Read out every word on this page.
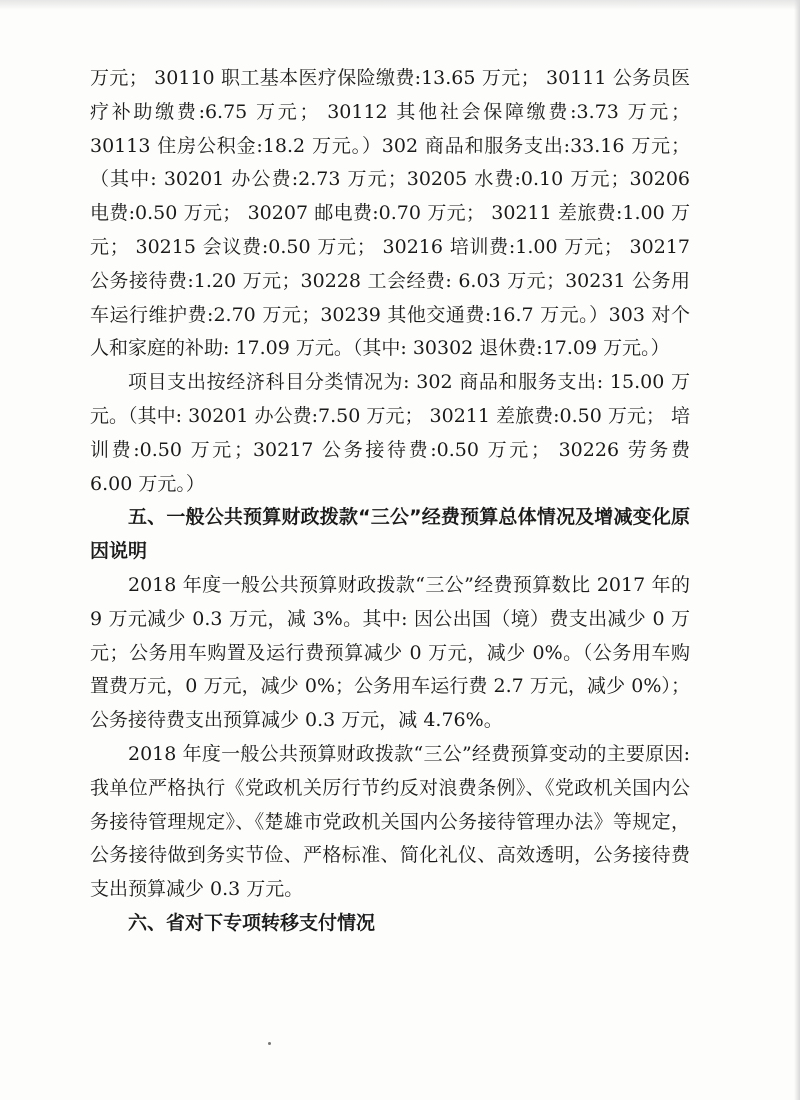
万元； 30110 职工基本医疗保险缴费:13.65 万元； 30111 公务员医疗补助缴费:6.75 万元； 30112 其他社会保障缴费:3.73 万元；30113 住房公积金:18.2 万元。）302 商品和服务支出:33.16 万元；（其中: 30201 办公费:2.73 万元；30205 水费:0.10 万元；30206 电费:0.50 万元； 30207 邮电费:0.70 万元； 30211 差旅费:1.00 万元； 30215 会议费:0.50 万元； 30216 培训费:1.00 万元； 30217 公务接待费:1.20 万元；30228 工会经费: 6.03 万元；30231 公务用车运行维护费:2.70 万元；30239 其他交通费:16.7 万元。）303 对个人和家庭的补助: 17.09 万元。（其中: 30302 退休费:17.09 万元。）

项目支出按经济科目分类情况为: 302 商品和服务支出: 15.00 万元。（其中: 30201 办公费:7.50 万元； 30211 差旅费:0.50 万元； 培训费:0.50 万元；30217 公务接待费:0.50 万元； 30226 劳务费 6.00 万元。）

五、一般公共预算财政拨款“三公”经费预算总体情况及增减变化原因说明

2018 年度一般公共预算财政拨款“三公”经费预算数比 2017 年的 9 万元减少 0.3 万元，减 3%。其中: 因公出国（境）费支出减少 0 万元；公务用车购置及运行费预算减少 0 万元，减少 0%。（公务用车购置费万元，0 万元，减少 0%；公务用车运行费 2.7 万元，减少 0%）；公务接待费支出预算减少 0.3 万元，减 4.76%。

2018 年度一般公共预算财政拨款“三公”经费预算变动的主要原因: 我单位严格执行《党政机关厉行节约反对浪费条例》、《党政机关国内公务接待管理规定》、《楚雄市党政机关国内公务接待管理办法》等规定，公务接待做到务实节俭、严格标准、简化礼仪、高效透明，公务接待费支出预算减少 0.3 万元。

六、省对下专项转移支付情况
